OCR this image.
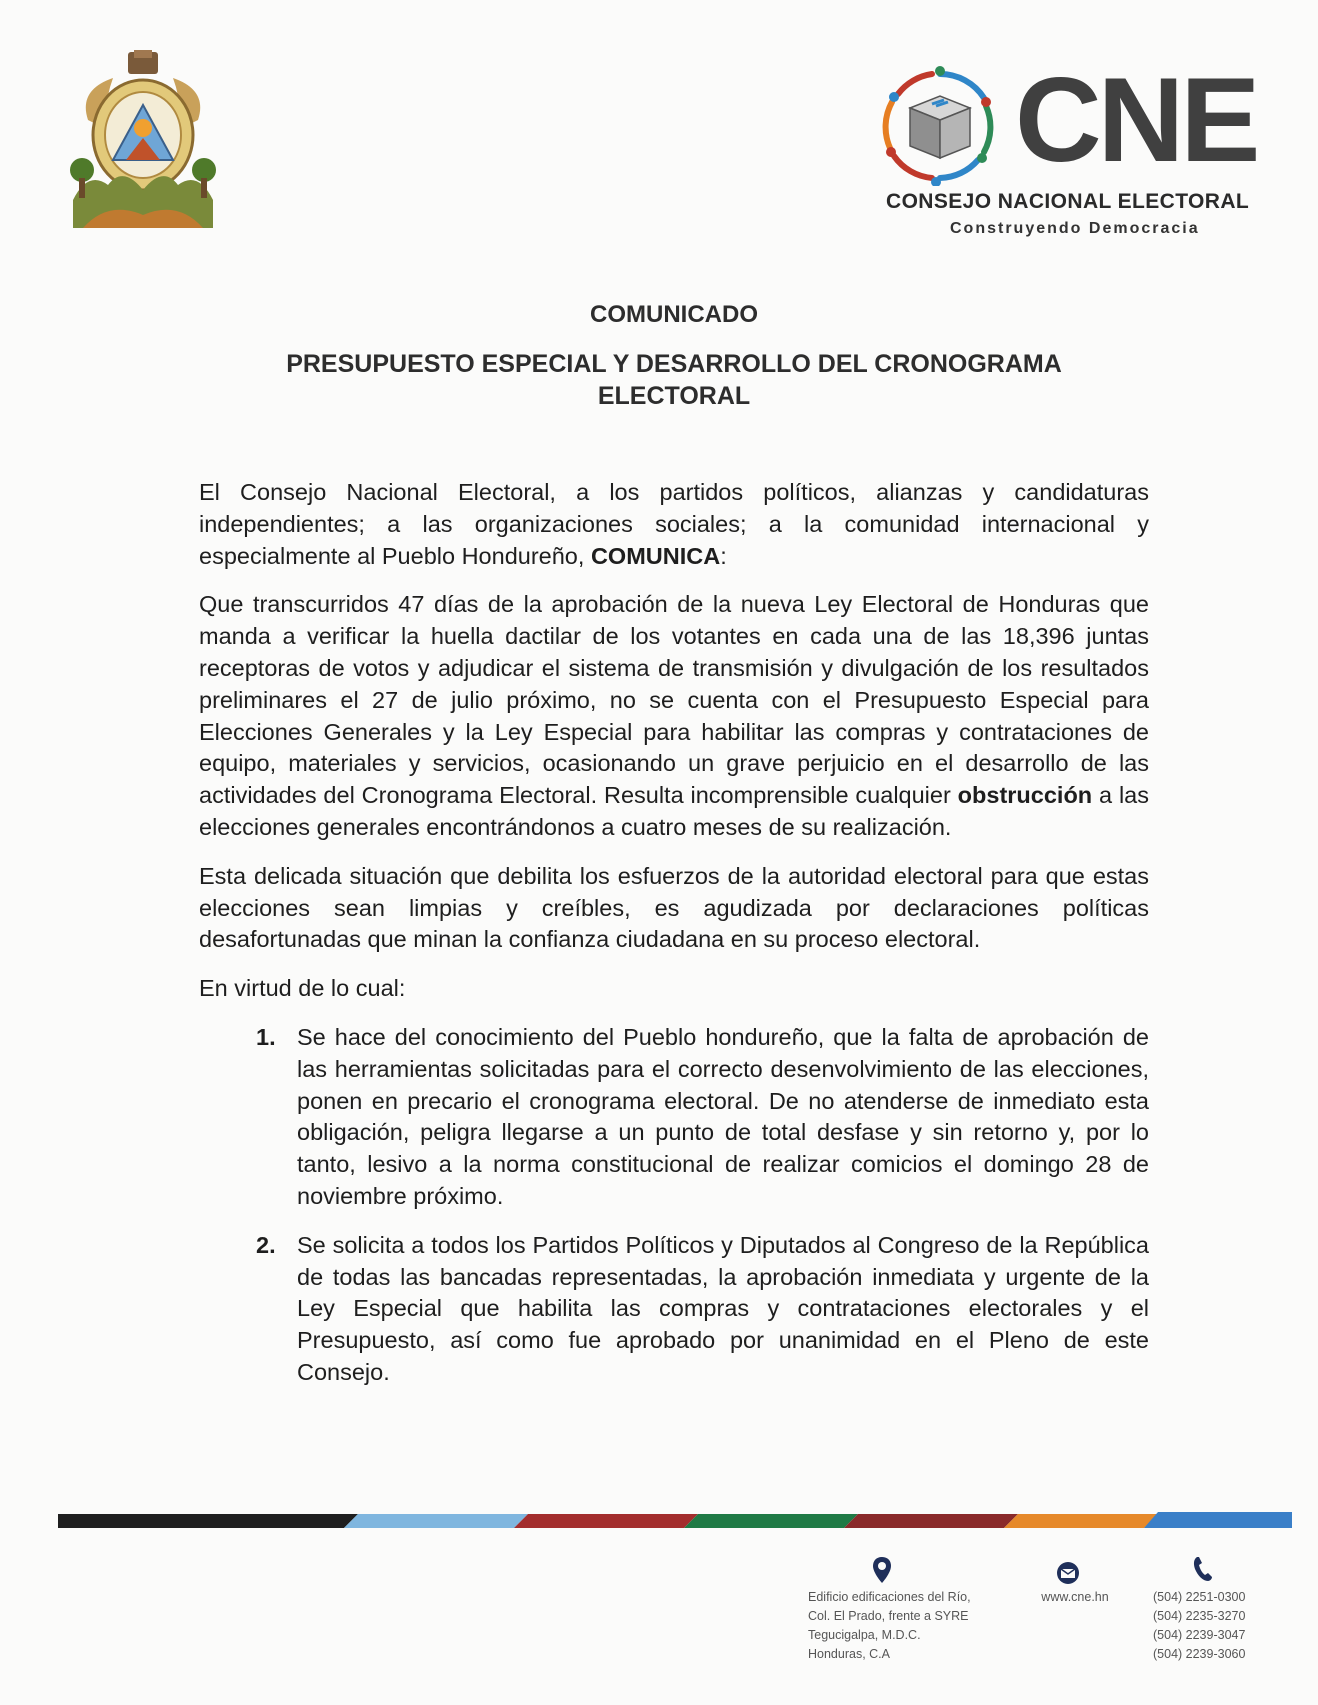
CNE
CONSEJO NACIONAL ELECTORAL
Construyendo Democracia
COMUNICADO
PRESUPUESTO ESPECIAL Y DESARROLLO DEL CRONOGRAMA ELECTORAL

El Consejo Nacional Electoral, a los partidos políticos, alianzas y candidaturas independientes; a las organizaciones sociales; a la comunidad internacional y especialmente al Pueblo Hondureño, COMUNICA:

Que transcurridos 47 días de la aprobación de la nueva Ley Electoral de Honduras que manda a verificar la huella dactilar de los votantes en cada una de las 18,396 juntas receptoras de votos y adjudicar el sistema de transmisión y divulgación de los resultados preliminares el 27 de julio próximo, no se cuenta con el Presupuesto Especial para Elecciones Generales y la Ley Especial para habilitar las compras y contrataciones de equipo, materiales y servicios, ocasionando un grave perjuicio en el desarrollo de las actividades del Cronograma Electoral. Resulta incomprensible cualquier obstrucción a las elecciones generales encontrándonos a cuatro meses de su realización.

Esta delicada situación que debilita los esfuerzos de la autoridad electoral para que estas elecciones sean limpias y creíbles, es agudizada por declaraciones políticas desafortunadas que minan la confianza ciudadana en su proceso electoral.

En virtud de lo cual:

1. Se hace del conocimiento del Pueblo hondureño, que la falta de aprobación de las herramientas solicitadas para el correcto desenvolvimiento de las elecciones, ponen en precario el cronograma electoral. De no atenderse de inmediato esta obligación, peligra llegarse a un punto de total desfase y sin retorno y, por lo tanto, lesivo a la norma constitucional de realizar comicios el domingo 28 de noviembre próximo.
2. Se solicita a todos los Partidos Políticos y Diputados al Congreso de la República de todas las bancadas representadas, la aprobación inmediata y urgente de la Ley Especial que habilita las compras y contrataciones electorales y el Presupuesto, así como fue aprobado por unanimidad en el Pleno de este Consejo.
Edificio edificaciones del Río,
Col. El Prado, frente a SYRE
Tegucigalpa, M.D.C.
Honduras, C.A
www.cne.hn	(504) 2251-0300
(504) 2235-3270
(504) 2239-3047
(504) 2239-3060
